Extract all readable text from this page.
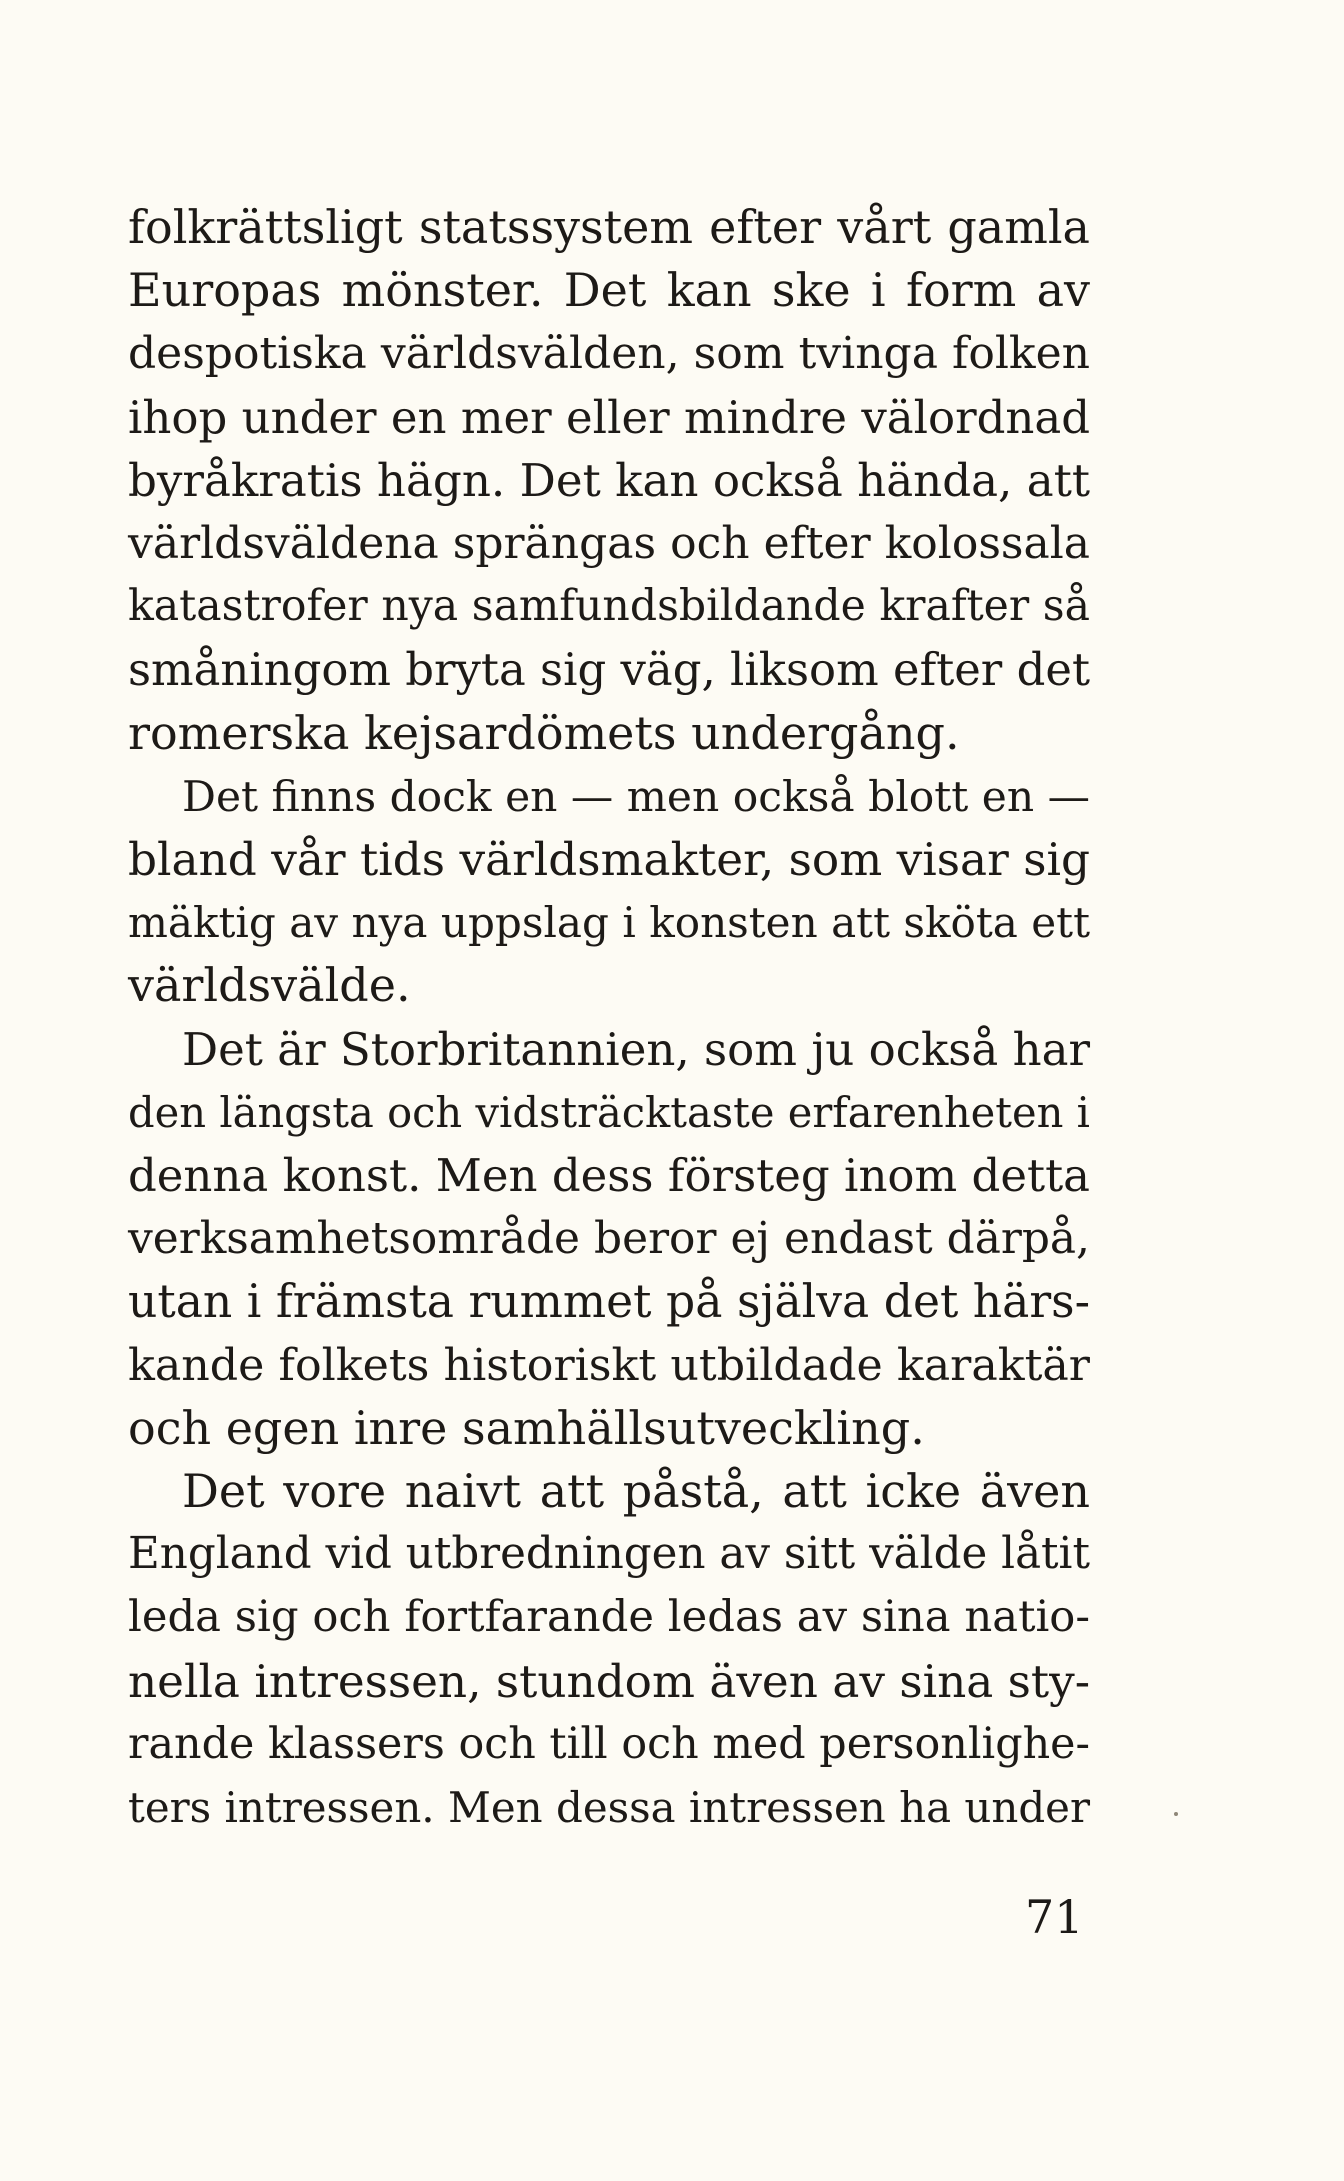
folkrättsligt statssystem efter vårt gamla
Europas mönster. Det kan ske i form av
despotiska världsvälden, som tvinga folken
ihop under en mer eller mindre välordnad
byråkratis hägn. Det kan också hända, att
världsväldena sprängas och efter kolossala
katastrofer nya samfundsbildande krafter så
småningom bryta sig väg, liksom efter det
romerska kejsardömets undergång.

Det finns dock en — men också blott en —
bland vår tids världsmakter, som visar sig
mäktig av nya uppslag i konsten att sköta ett
världsvälde.

Det är Storbritannien, som ju också har
den längsta och vidsträcktaste erfarenheten i
denna konst. Men dess försteg inom detta
verksamhetsområde beror ej endast därpå,
utan i främsta rummet på själva det härs-
kande folkets historiskt utbildade karaktär
och egen inre samhällsutveckling.

Det vore naivt att påstå, att icke även
England vid utbredningen av sitt välde låtit
leda sig och fortfarande ledas av sina natio-
nella intressen, stundom även av sina sty-
rande klassers och till och med personlighe-
ters intressen. Men dessa intressen ha under

71
